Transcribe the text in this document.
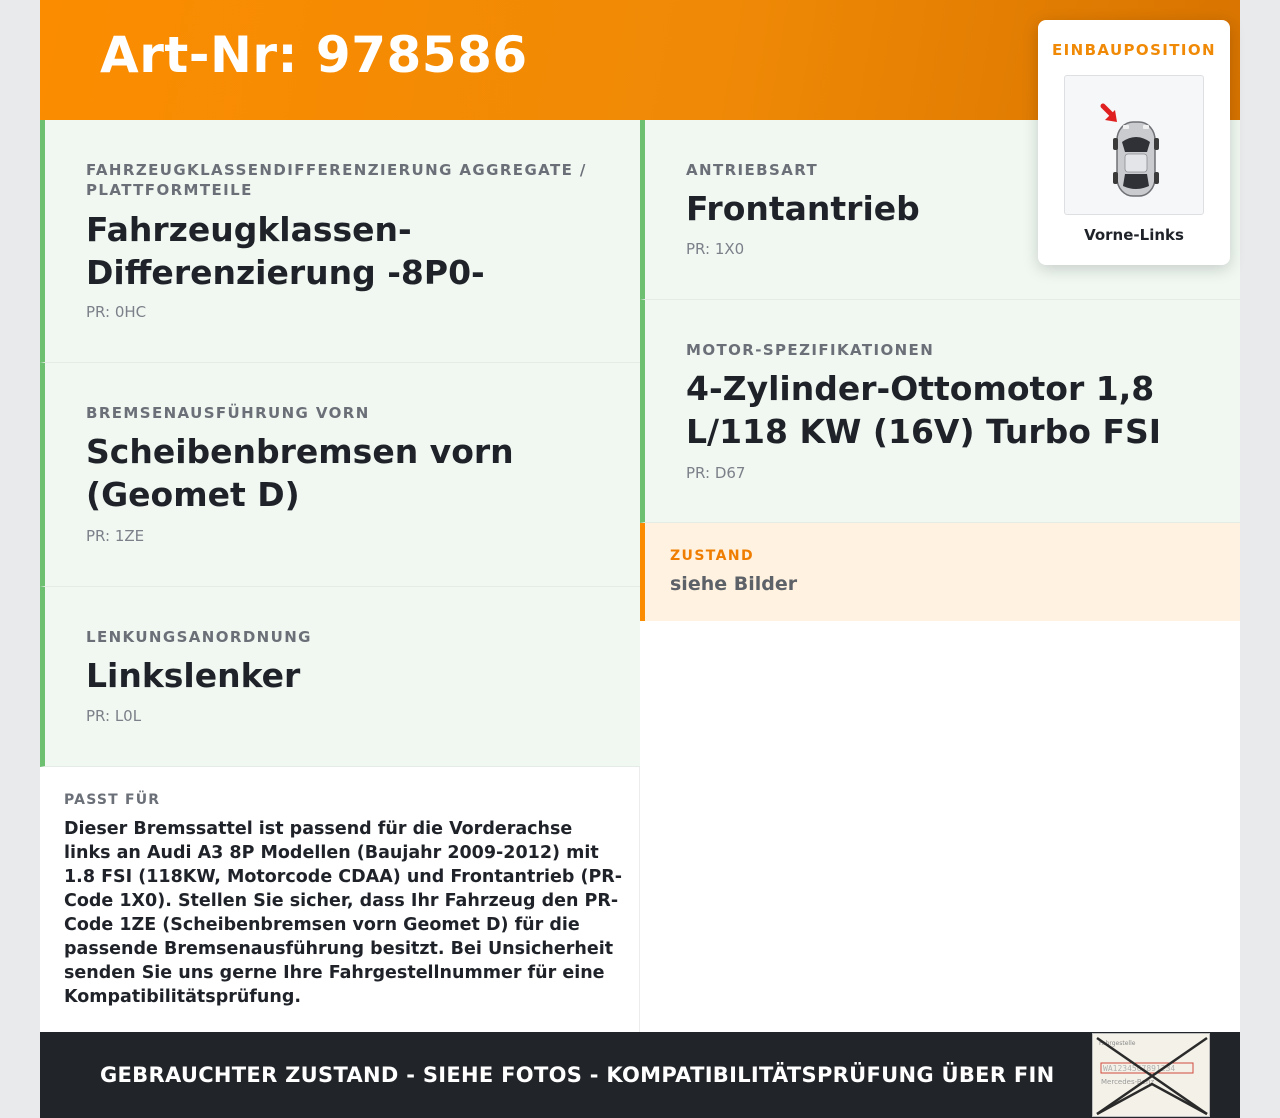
Art-Nr: 978586
FAHRZEUGKLASSENDIFFERENZIERUNG AGGREGATE / PLATTFORMTEILE
Fahrzeugklassen-Differenzierung -8P0-
PR: 0HC
BREMSENAUSFÜHRUNG VORN
Scheibenbremsen vorn (Geomet D)
PR: 1ZE
LENKUNGSANORDNUNG
Linkslenker
PR: L0L
ANTRIEBSART
Frontantrieb
PR: 1X0
MOTOR-SPEZIFIKATIONEN
4-Zylinder-Ottomotor 1,8 L/118 KW (16V) Turbo FSI
PR: D67
ZUSTAND
siehe Bilder
PASST FÜR
Dieser Bremssattel ist passend für die Vorderachse links an Audi A3 8P Modellen (Baujahr 2009-2012) mit 1.8 FSI (118KW, Motorcode CDAA) und Frontantrieb (PR-Code 1X0). Stellen Sie sicher, dass Ihr Fahrzeug den PR-Code 1ZE (Scheibenbremsen vorn Geomet D) für die passende Bremsenausführung besitzt. Bei Unsicherheit senden Sie uns gerne Ihre Fahrgestellnummer für eine Kompatibilitätsprüfung.
GEBRAUCHTER ZUSTAND - SIEHE FOTOS - KOMPATIBILITÄTSPRÜFUNG ÜBER FIN
Fahrgestelle
WA1234567891234
Mercedes-Benz
EINBAUPOSITION
Vorne-Links
